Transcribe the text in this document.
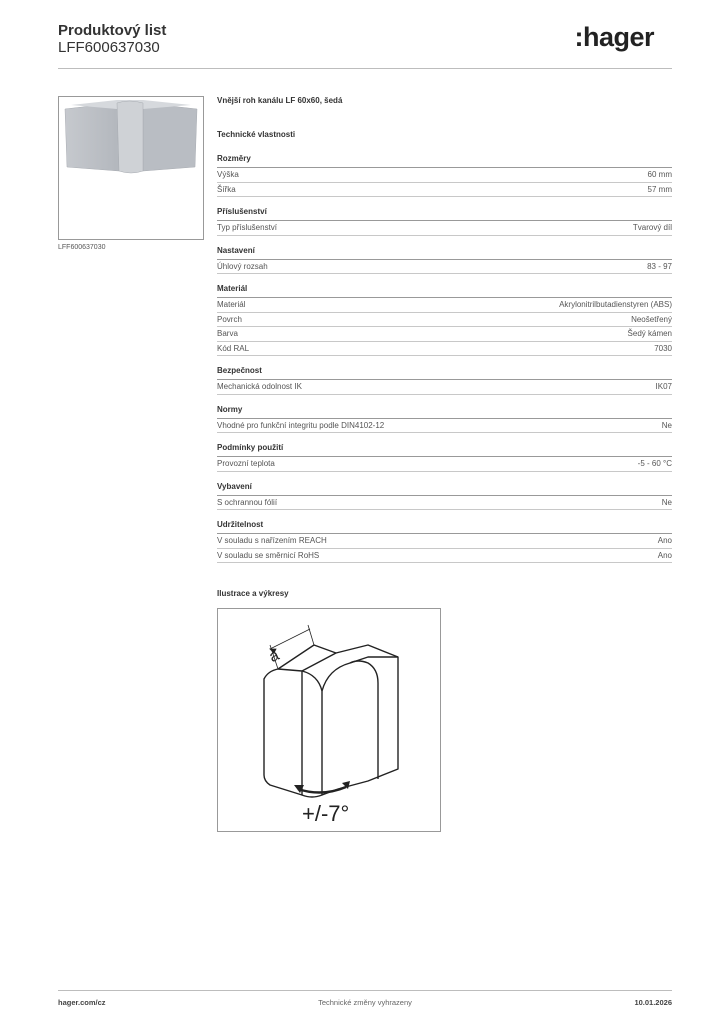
Produktový list
LFF600637030	:hager
LFF600637030
Vnější roh kanálu LF 60x60, šedá
Technické vlastnosti
Rozměry
Výška	60 mm
Šířka	57 mm
Příslušenství
Typ příslušenství	Tvarový díl
Nastavení
Úhlový rozsah	83 - 97
Materiál
Materiál	Akrylonitrilbutadienstyren (ABS)
Povrch	Neošetřený
Barva	Šedý kámen
Kód RAL	7030
Bezpečnost
Mechanická odolnost IK	IK07
Normy
Vhodné pro funkční integritu podle DIN4102-12	Ne
Podmínky použití
Provozní teplota	-5 - 60 °C
Vybavení
S ochrannou fólií	Ne
Udržitelnost
V souladu s nařízením REACH	Ano
V souladu se směrnicí RoHS	Ano
Ilustrace a výkresy
a
+/-7°
Technické změny vyhrazeny
hager.com/cz	10.01.2026
